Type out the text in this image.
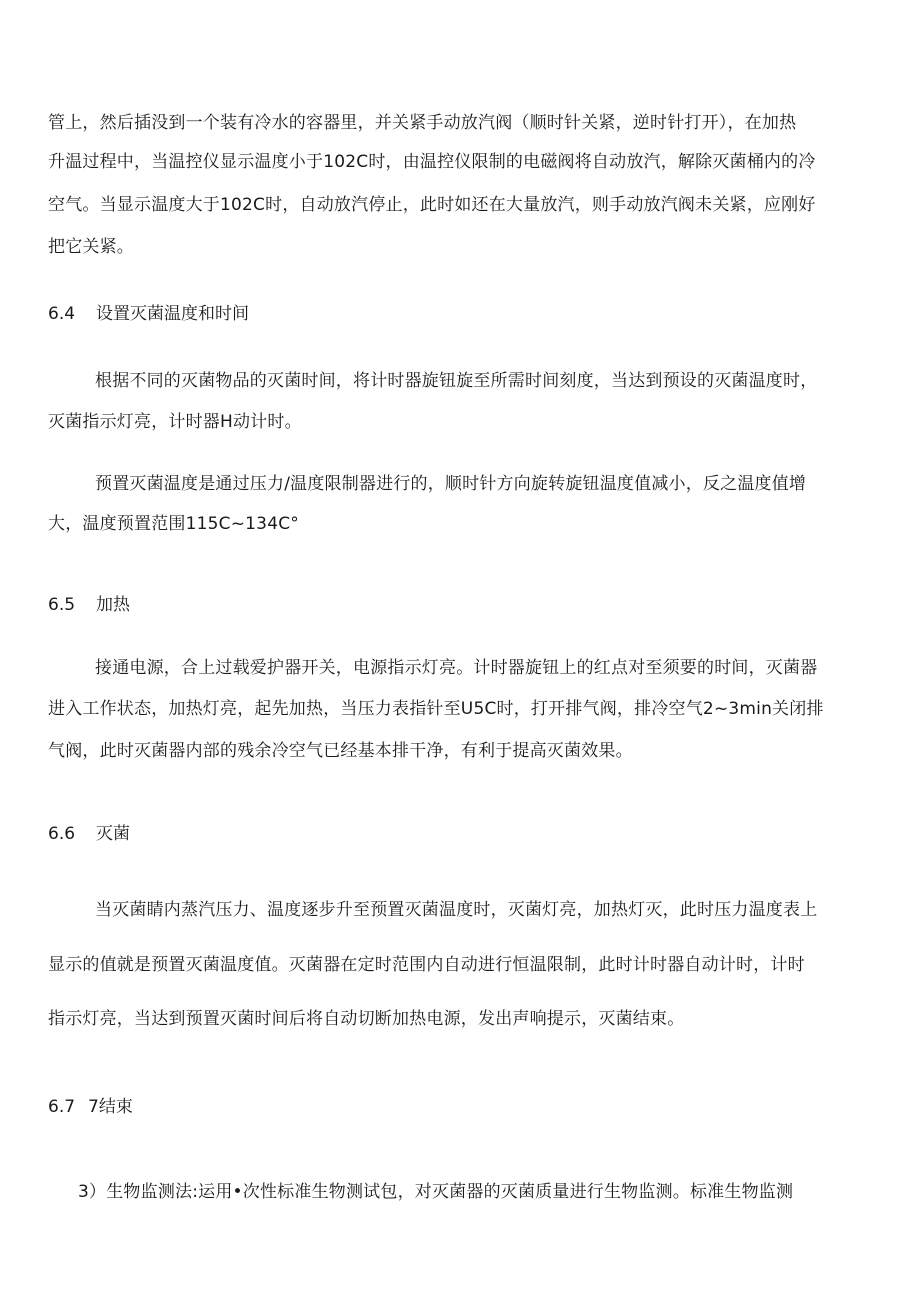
管上，然后插没到一个装有冷水的容器里，并关紧手动放汽阀（顺时针关紧，逆时针打开），在加热
升温过程中，当温控仪显示温度小于102C时，由温控仪限制的电磁阀将自动放汽，解除灭菌桶内的冷
空气。当显示温度大于102C时，自动放汽停止，此时如还在大量放汽，则手动放汽阀未关紧，应刚好
把它关紧。
6.4 设置灭菌温度和时间
根据不同的灭菌物品的灭菌时间，将计时器旋钮旋至所需时间刻度，当达到预设的灭菌温度时，
灭菌指示灯亮，计时器H动计时。
预置灭菌温度是通过压力/温度限制器进行的，顺时针方向旋转旋钮温度值减小，反之温度值增
大，温度预置范围115C~134C°
6.5 加热
接通电源，合上过载爱护器开关，电源指示灯亮。计时器旋钮上的红点对至须要的时间，灭菌器
进入工作状态，加热灯亮，起先加热，当压力表指针至U5C时，打开排气阀，排冷空气2~3min关闭排
气阀，此时灭菌器内部的残余冷空气已经基本排干净，有利于提高灭菌效果。
6.6 灭菌
当灭菌睛内蒸汽压力、温度逐步升至预置灭菌温度时，灭菌灯亮，加热灯灭，此时压力温度表上
显示的值就是预置灭菌温度值。灭菌器在定时范围内自动进行恒温限制，此时计时器自动计时，计时
指示灯亮，当达到预置灭菌时间后将自动切断加热电源，发出声响提示，灭菌结束。
6.7 7结束
3）生物监测法:运用•次性标准生物测试包，对灭菌器的灭菌质量进行生物监测。标准生物监测
